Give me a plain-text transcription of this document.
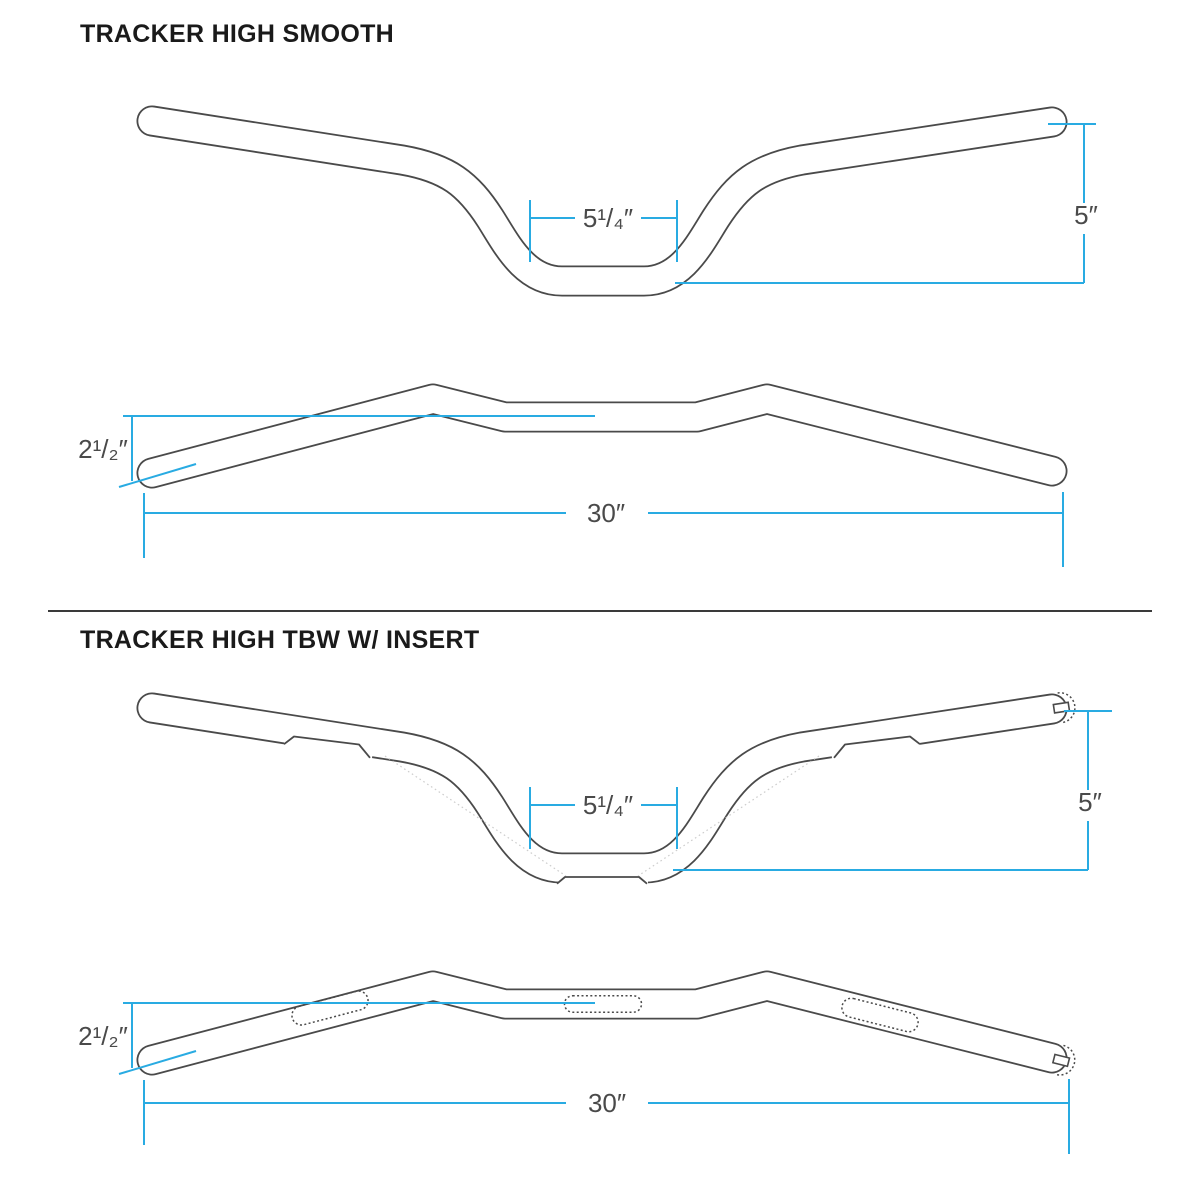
TRACKER HIGH SMOOTH
5¹/₄″	5″
2¹/₂″
30″
TRACKER HIGH TBW W/ INSERT
5¹/₄″	5″
2¹/₂″
30″
